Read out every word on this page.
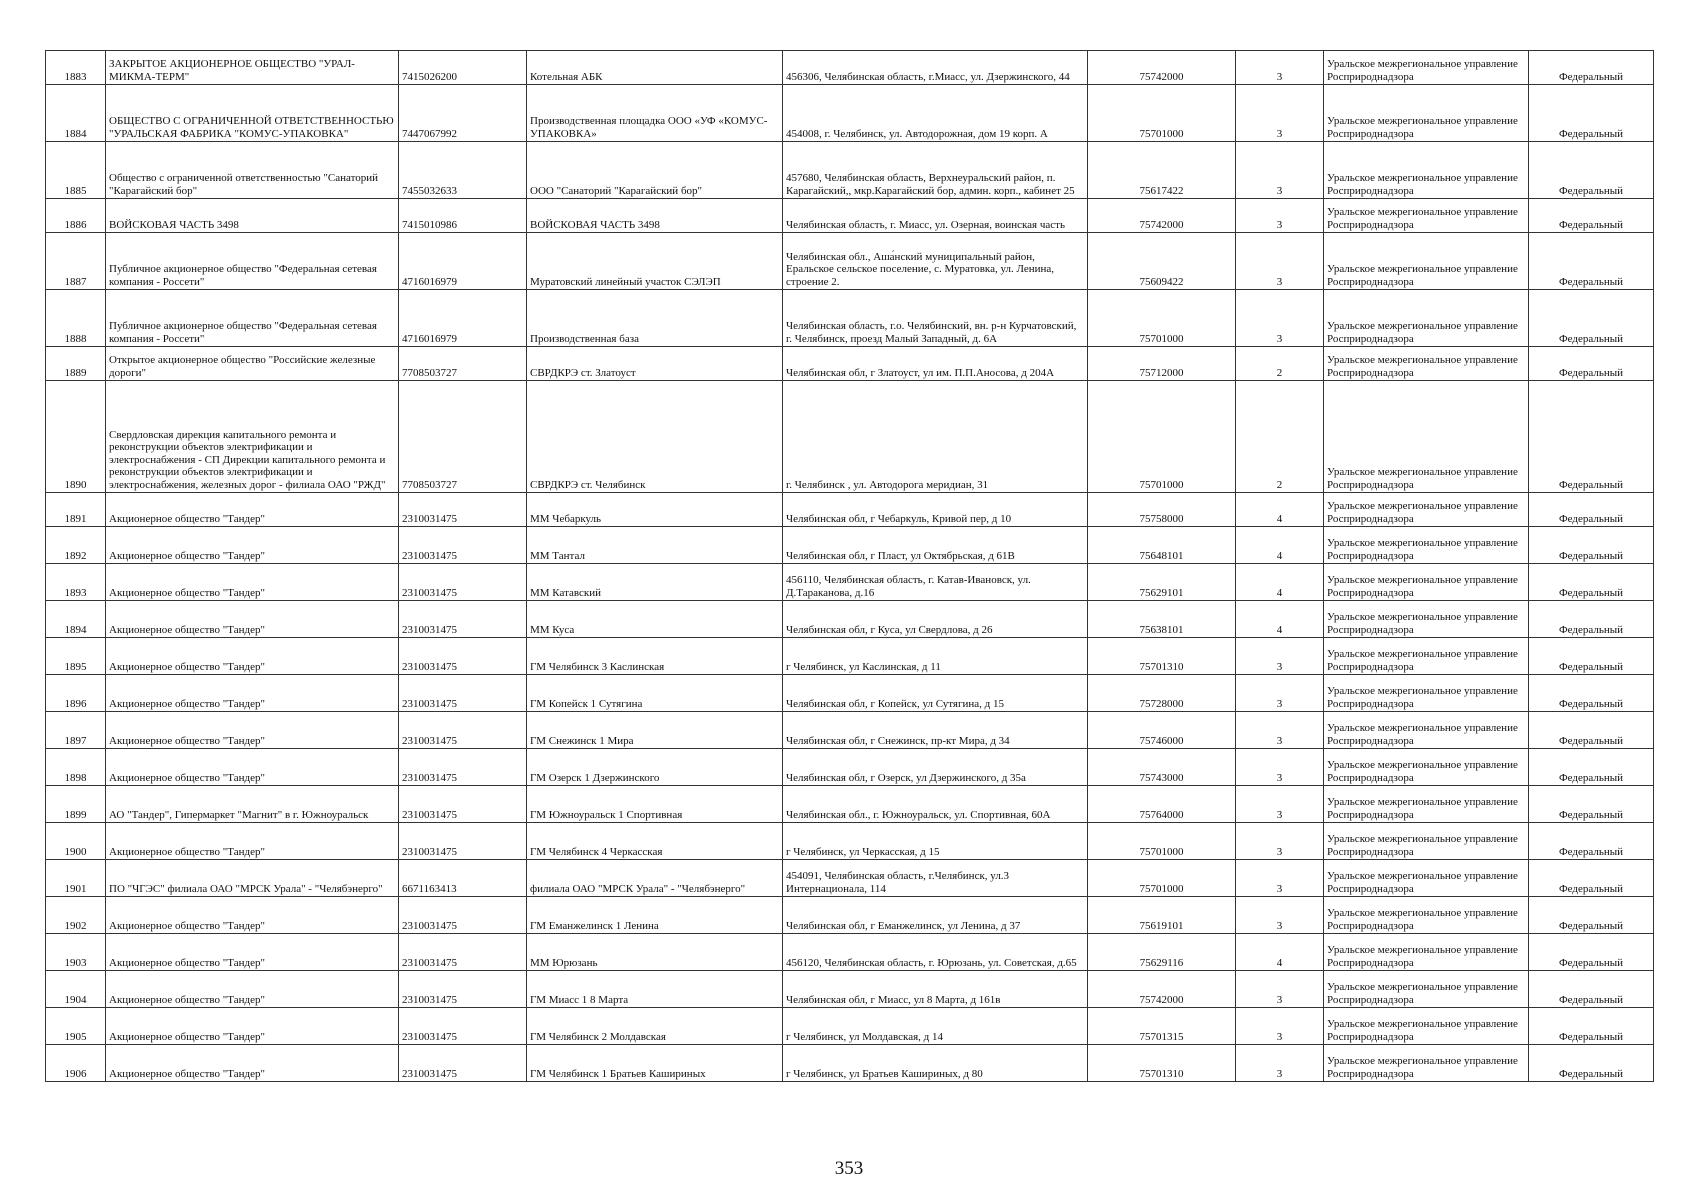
1883	ЗАКРЫТОЕ АКЦИОНЕРНОЕ ОБЩЕСТВО "УРАЛ-МИКМА-ТЕРМ"	7415026200	Котельная АБК	456306, Челябинская область, г.Миасс, ул. Дзержинского, 44	75742000	3	Уральское межрегиональное управление Росприроднадзора	Федеральный
1884	ОБЩЕСТВО С ОГРАНИЧЕННОЙ ОТВЕТСТВЕННОСТЬЮ "УРАЛЬСКАЯ ФАБРИКА "КОМУС-УПАКОВКА"	7447067992	Производственная площадка ООО «УФ «КОМУС-УПАКОВКА»	454008, г. Челябинск, ул. Автодорожная, дом 19 корп. А	75701000	3	Уральское межрегиональное управление Росприроднадзора	Федеральный
1885	Общество с ограниченной ответственностью "Санаторий "Карагайский бор"	7455032633	ООО "Санаторий "Карагайский бор"	457680, Челябинская область, Верхнеуральский район, п. Карагайский,, мкр.Карагайский бор, админ. корп., кабинет 25	75617422	3	Уральское межрегиональное управление Росприроднадзора	Федеральный
1886	ВОЙСКОВАЯ ЧАСТЬ 3498	7415010986	ВОЙСКОВАЯ ЧАСТЬ 3498	Челябинская область, г. Миасс, ул. Озерная, воинская часть	75742000	3	Уральское межрегиональное управление Росприроднадзора	Федеральный
1887	Публичное акционерное общество "Федеральная сетевая компания - Россети"	4716016979	Муратовский линейный участок СЭЛЭП	Челябинская обл., Аша́нский муниципальный район, Еральское сельское поселение, с. Муратовка, ул. Ленина, строение 2.	75609422	3	Уральское межрегиональное управление Росприроднадзора	Федеральный
1888	Публичное акционерное общество "Федеральная сетевая компания - Россети"	4716016979	Производственная база	Челябинская область, г.о. Челябинский, вн. р-н Курчатовский, г. Челябинск, проезд Малый Западный, д. 6А	75701000	3	Уральское межрегиональное управление Росприроднадзора	Федеральный
1889	Открытое акционерное общество "Российские железные дороги"	7708503727	СВРДКРЭ ст. Златоуст	Челябинская обл, г Златоуст, ул им. П.П.Аносова, д 204А	75712000	2	Уральское межрегиональное управление Росприроднадзора	Федеральный
1890	Свердловская дирекция капитального ремонта и реконструкции объектов электрификации и электроснабжения - СП Дирекции капитального ремонта и реконструкции объектов электрификации и электроснабжения, железных дорог - филиала ОАО "РЖД"	7708503727	СВРДКРЭ ст. Челябинск	г. Челябинск , ул. Автодорога меридиан, 31	75701000	2	Уральское межрегиональное управление Росприроднадзора	Федеральный
1891	Акционерное общество "Тандер"	2310031475	ММ Чебаркуль	Челябинская обл, г Чебаркуль, Кривой пер, д 10	75758000	4	Уральское межрегиональное управление Росприроднадзора	Федеральный
1892	Акционерное общество "Тандер"	2310031475	ММ Тантал	Челябинская обл, г Пласт, ул Октябрьская, д 61В	75648101	4	Уральское межрегиональное управление Росприроднадзора	Федеральный
1893	Акционерное общество "Тандер"	2310031475	ММ Катавский	456110, Челябинская область, г. Катав-Ивановск, ул. Д.Тараканова, д.16	75629101	4	Уральское межрегиональное управление Росприроднадзора	Федеральный
1894	Акционерное общество "Тандер"	2310031475	ММ Куса	Челябинская обл, г Куса, ул Свердлова, д 26	75638101	4	Уральское межрегиональное управление Росприроднадзора	Федеральный
1895	Акционерное общество "Тандер"	2310031475	ГМ Челябинск 3 Каслинская	г Челябинск, ул Каслинская, д 11	75701310	3	Уральское межрегиональное управление Росприроднадзора	Федеральный
1896	Акционерное общество "Тандер"	2310031475	ГМ Копейск 1 Сутягина	Челябинская обл, г Копейск, ул Сутягина, д 15	75728000	3	Уральское межрегиональное управление Росприроднадзора	Федеральный
1897	Акционерное общество "Тандер"	2310031475	ГМ Снежинск 1 Мира	Челябинская обл, г Снежинск, пр-кт Мира, д 34	75746000	3	Уральское межрегиональное управление Росприроднадзора	Федеральный
1898	Акционерное общество "Тандер"	2310031475	ГМ Озерск 1 Дзержинского	Челябинская обл, г Озерск, ул Дзержинского, д 35а	75743000	3	Уральское межрегиональное управление Росприроднадзора	Федеральный
1899	АО "Тандер", Гипермаркет "Магнит" в г. Южноуральск	2310031475	ГМ Южноуральск 1 Спортивная	Челябинская обл., г. Южноуральск, ул. Спортивная, 60А	75764000	3	Уральское межрегиональное управление Росприроднадзора	Федеральный
1900	Акционерное общество "Тандер"	2310031475	ГМ Челябинск 4 Черкасская	г Челябинск, ул Черкасская, д 15	75701000	3	Уральское межрегиональное управление Росприроднадзора	Федеральный
1901	ПО "ЧГЭС" филиала ОАО "МРСК Урала" - "Челябэнерго"	6671163413	филиала ОАО "МРСК Урала" - "Челябэнерго"	454091, Челябинская область, г.Челябинск, ул.3 Интернационала, 114	75701000	3	Уральское межрегиональное управление Росприроднадзора	Федеральный
1902	Акционерное общество "Тандер"	2310031475	ГМ Еманжелинск 1 Ленина	Челябинская обл, г Еманжелинск, ул Ленина, д 37	75619101	3	Уральское межрегиональное управление Росприроднадзора	Федеральный
1903	Акционерное общество "Тандер"	2310031475	ММ Юрюзань	456120, Челябинская область, г. Юрюзань, ул. Советская, д.65	75629116	4	Уральское межрегиональное управление Росприроднадзора	Федеральный
1904	Акционерное общество "Тандер"	2310031475	ГМ Миасс 1 8 Марта	Челябинская обл, г Миасс, ул 8 Марта, д 161в	75742000	3	Уральское межрегиональное управление Росприроднадзора	Федеральный
1905	Акционерное общество "Тандер"	2310031475	ГМ Челябинск 2 Молдавская	г Челябинск, ул Молдавская, д 14	75701315	3	Уральское межрегиональное управление Росприроднадзора	Федеральный
1906	Акционерное общество "Тандер"	2310031475	ГМ Челябинск 1 Братьев Кашириных	г Челябинск, ул Братьев Кашириных, д 80	75701310	3	Уральское межрегиональное управление Росприроднадзора	Федеральный
353
